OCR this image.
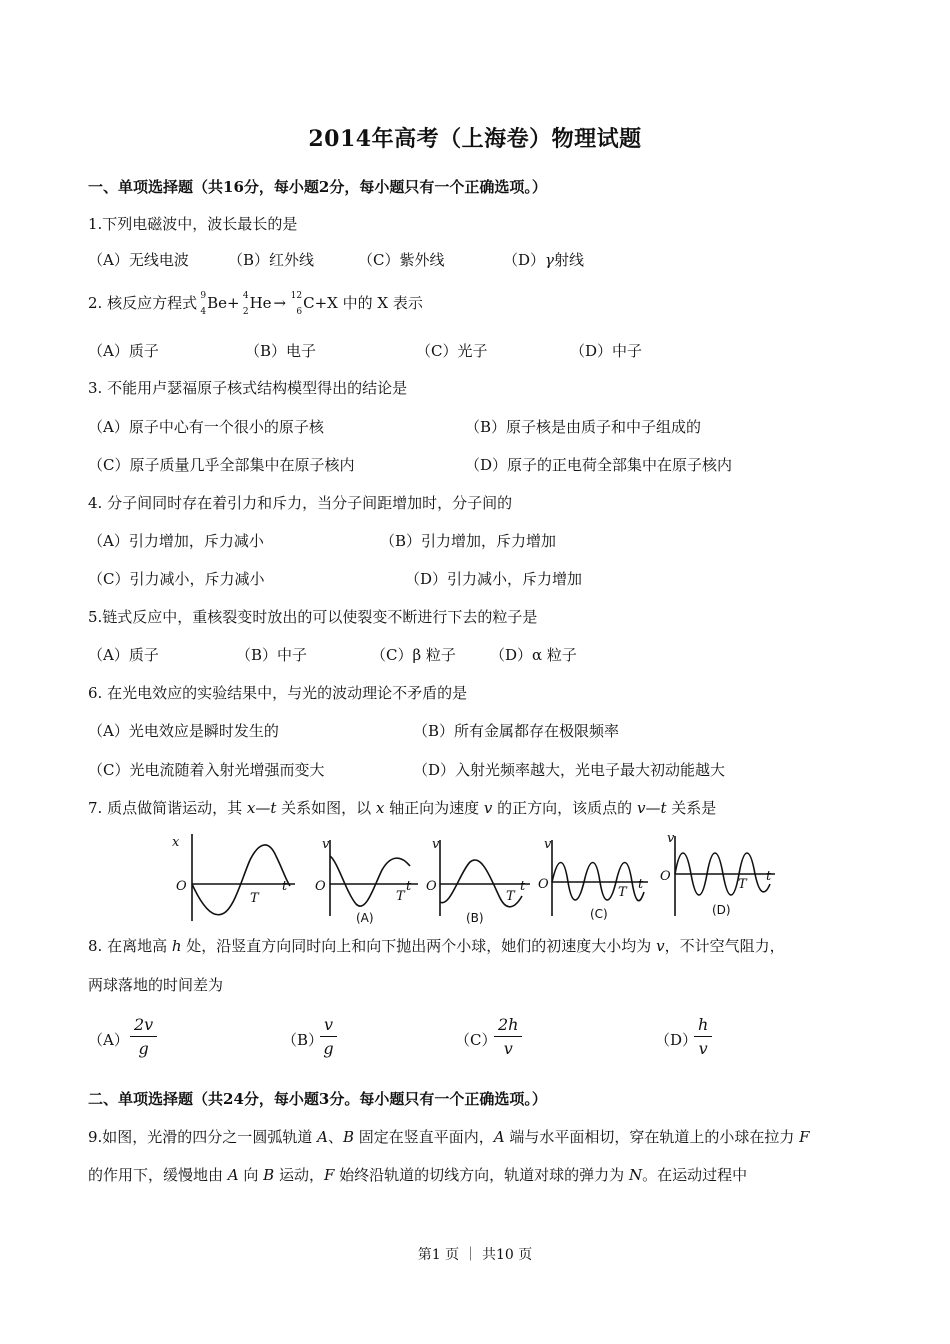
2014年高考（上海卷）物理试题
一、单项选择题（共16分，每小题2分，每小题只有一个正确选项。）
1.下列电磁波中，波长最长的是
（A）无线电波	（B）红外线	（C）紫外线	（D）γ射线
2. 核反应方程式 9
4 Be+ 4
2 He → 12
6 C+X 中的 X 表示
（A）质子	（B）电子	（C）光子	（D）中子
3. 不能用卢瑟福原子核式结构模型得出的结论是
（A）原子中心有一个很小的原子核	（B）原子核是由质子和中子组成的
（C）原子质量几乎全部集中在原子核内	（D）原子的正电荷全部集中在原子核内
4. 分子间同时存在着引力和斥力，当分子间距增加时，分子间的
（A）引力增加，斥力减小	（B）引力增加，斥力增加
（C）引力减小，斥力减小	（D）引力减小，斥力增加
5.链式反应中，重核裂变时放出的可以使裂变不断进行下去的粒子是
（A）质子	（B）中子	（C）β 粒子 （D）α 粒子
6. 在光电效应的实验结果中，与光的波动理论不矛盾的是
（A）光电效应是瞬时发生的	（B）所有金属都存在极限频率
（C）光电流随着入射光增强而变大	（D）入射光频率越大，光电子最大初动能越大
7. 质点做简谐运动，其 x—t 关系如图，以 x 轴正向为速度 v 的正方向，该质点的 v—t 关系是
x
O
T
t
v
O
T
t
v
O
T
t
v
O
T
t
v
O
T
t
(A)	(B)	(C)	(D)
8. 在离地高 h 处，沿竖直方向同时向上和向下抛出两个小球，她们的初速度大小均为 v，不计空气阻力，
两球落地的时间差为
$(A) \frac{2v}{g}$	（B）
$\frac{v}{g}$	（C）
$\frac{2h}{v}$	（D）
$\frac{h}{v}$
二、单项选择题（共24分，每小题3分。每小题只有一个正确选项。）
9.如图，光滑的四分之一圆弧轨道 A、B 固定在竖直平面内，A 端与水平面相切，穿在轨道上的小球在拉力 F
的作用下，缓慢地由 A 向 B 运动，F 始终沿轨道的切线方向，轨道对球的弹力为 N。在运动过程中
第1 页 ｜ 共10 页
